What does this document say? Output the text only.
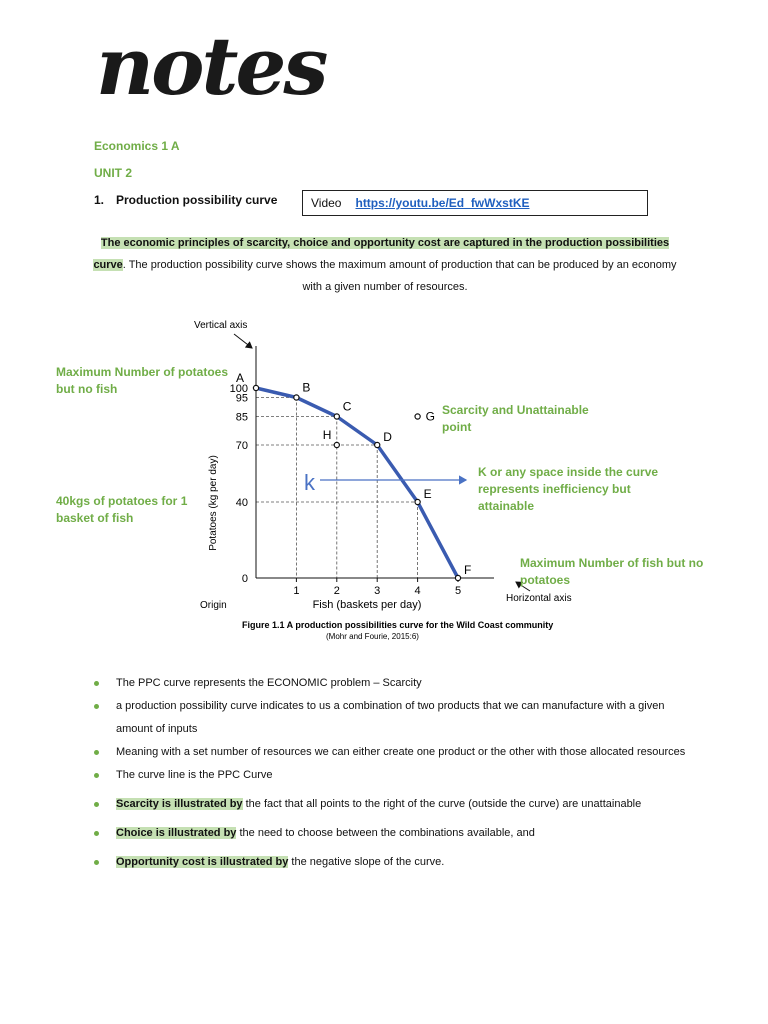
notes
Economics 1 A
UNIT 2
1. Production possibility curve	Video https://youtu.be/Ed_fwWxstKE
The economic principles of scarcity, choice and opportunity cost are captured in the production possibilities curve. The production possibility curve shows the maximum amount of production that can be produced by an economy with a given number of resources.
Vertical axis
1	2	3	4	5
0
40
70
85
95
100
A
B
C
D
E
F
H
G
Potatoes (kg per day)
Fish (baskets per day)
Origin
Horizontal axis
Figure 1.1 A production possibilities curve for the Wild Coast community
(Mohr and Fourie, 2015:6)
k
Maximum Number of potatoes but no fish
40kgs of potatoes for 1 basket of fish
Scarcity and Unattainable point
K or any space inside the curve represents inefficiency but attainable
Maximum Number of fish but no potatoes
The PPC curve represents the ECONOMIC problem – Scarcity
a production possibility curve indicates to us a combination of two products that we can manufacture with a given amount of inputs
Meaning with a set number of resources we can either create one product or the other with those allocated resources
The curve line is the PPC Curve
Scarcity is illustrated by the fact that all points to the right of the curve (outside the curve) are unattainable
Choice is illustrated by the need to choose between the combinations available, and
Opportunity cost is illustrated by the negative slope of the curve.
